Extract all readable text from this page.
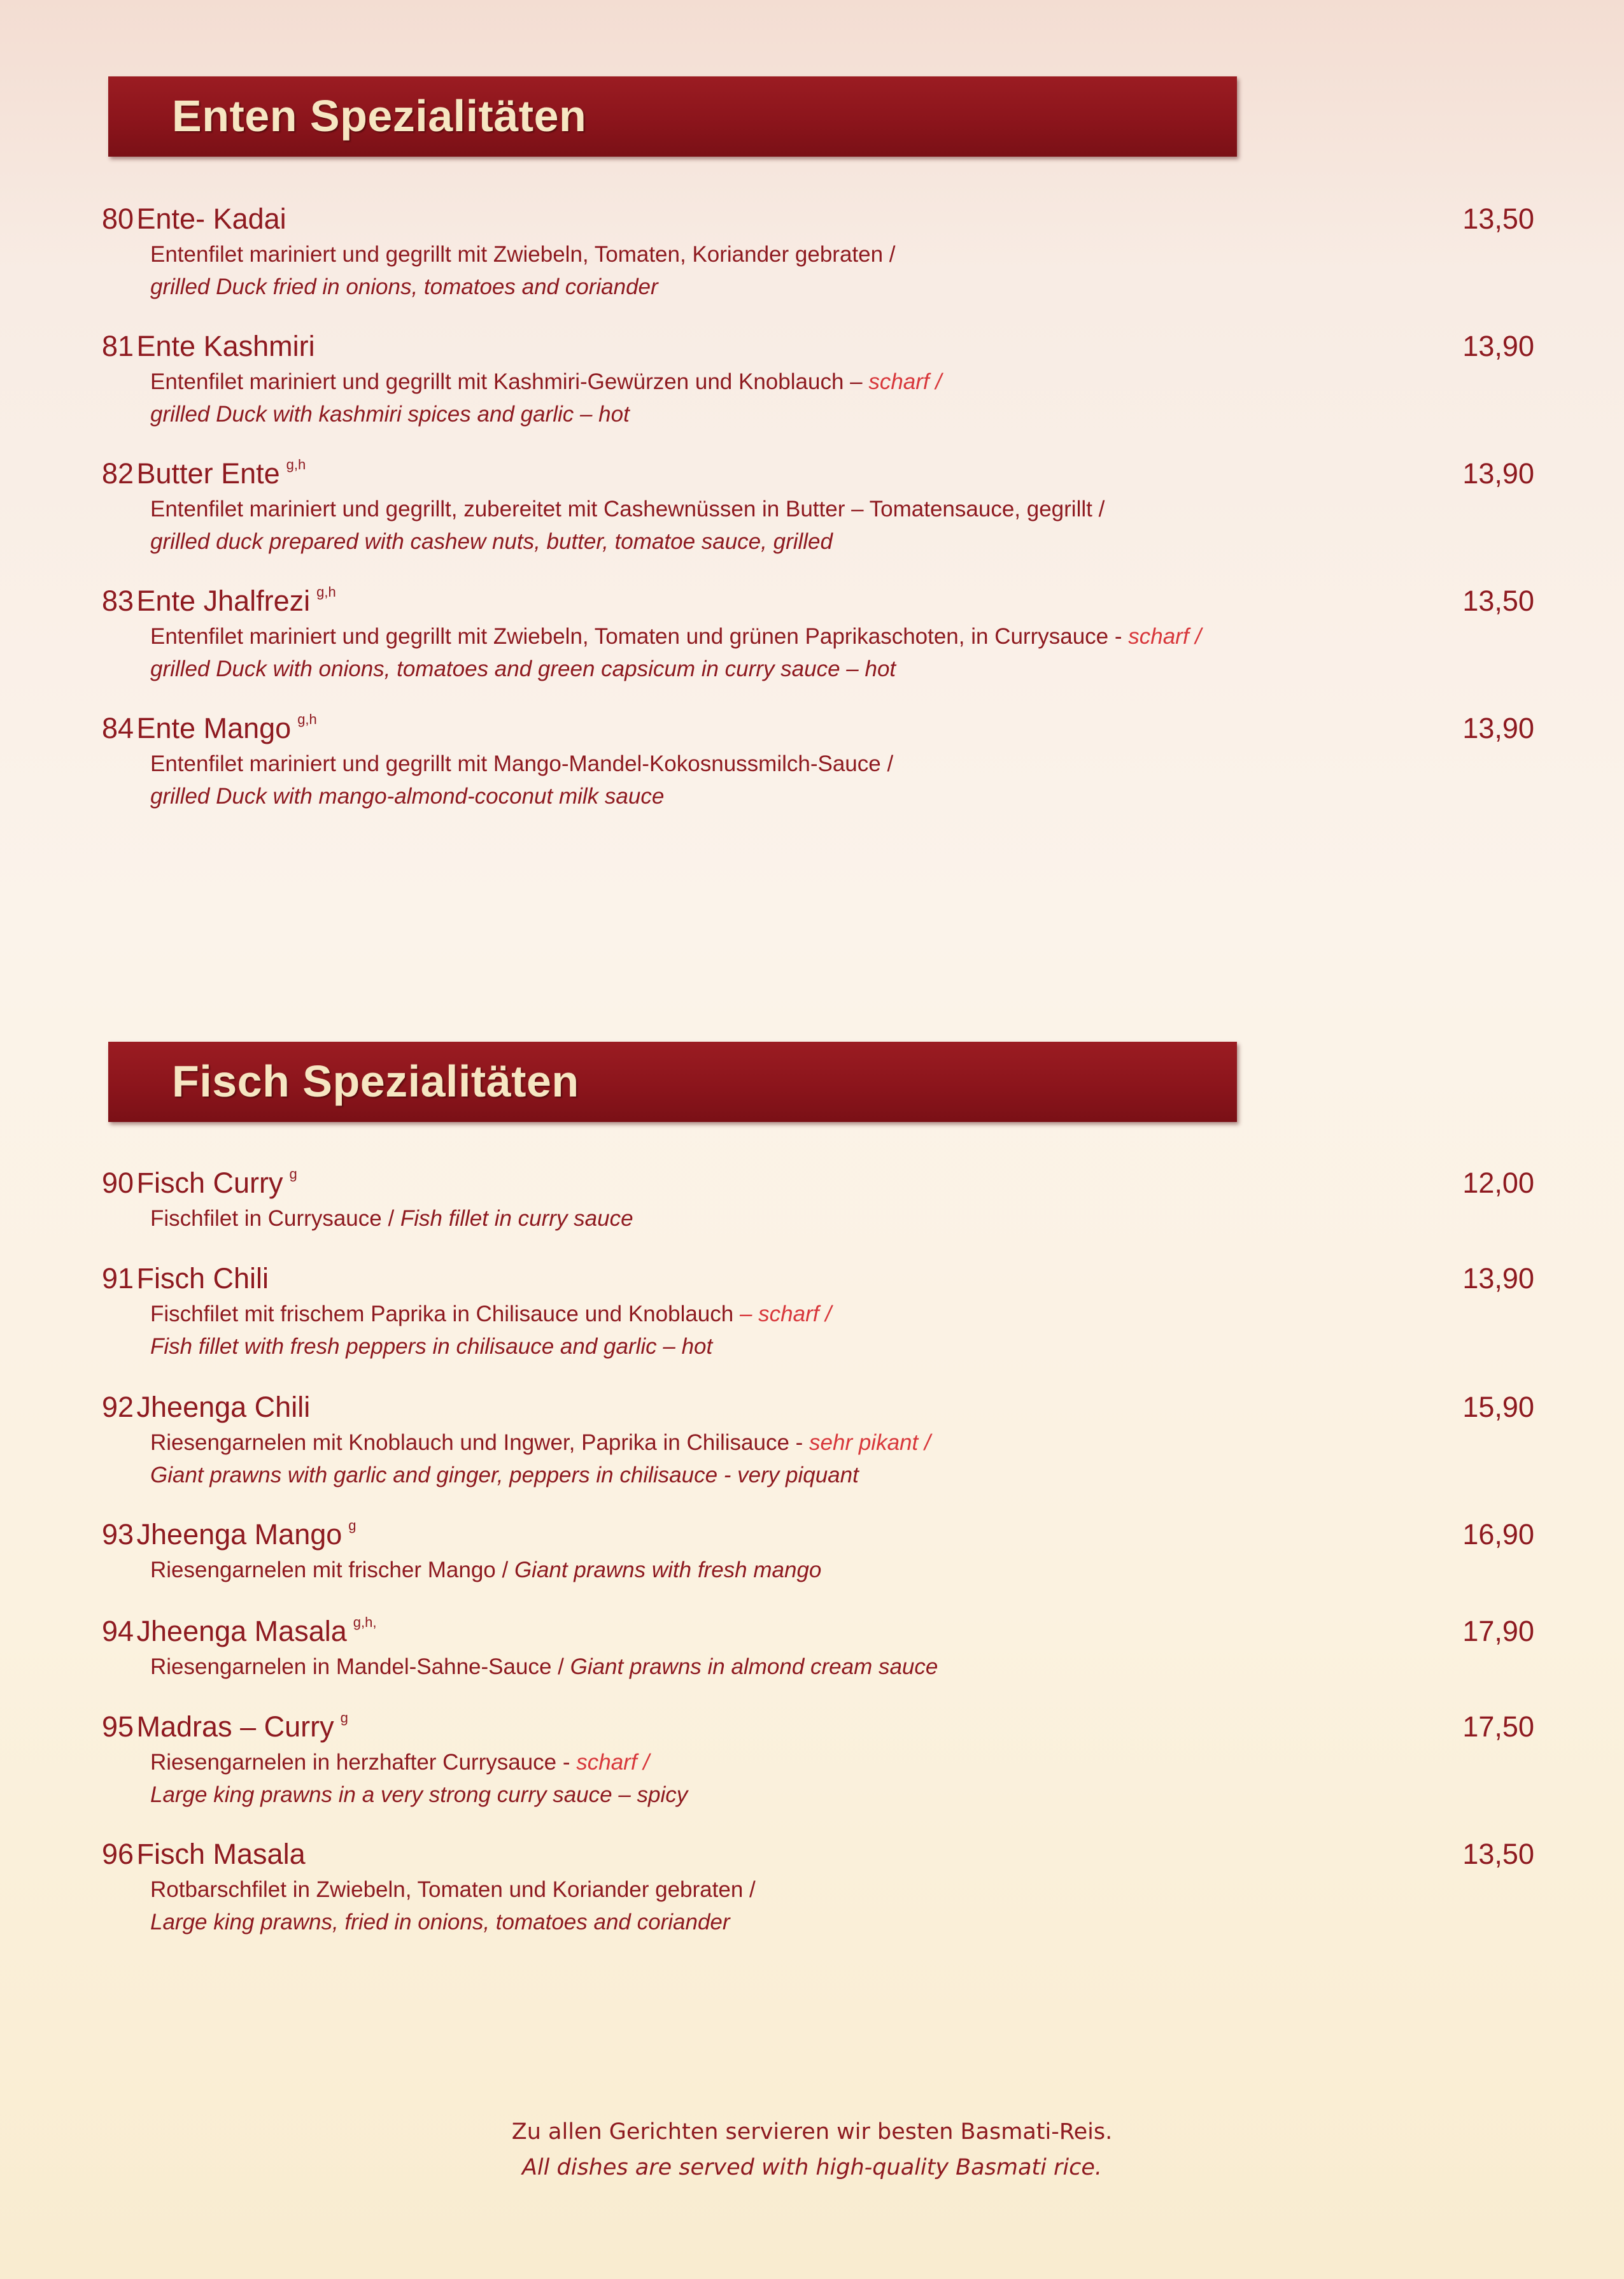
Enten Spezialitäten
80
Ente- Kadai	13,50
Entenfilet mariniert und gegrillt mit Zwiebeln, Tomaten, Koriander gebraten /
grilled Duck fried in onions, tomatoes and coriander
81
Ente Kashmiri	13,90
Entenfilet mariniert und gegrillt mit Kashmiri-Gewürzen und Knoblauch – scharf /
grilled Duck with kashmiri spices and garlic – hot
82
Butter Ente g,h	13,90
Entenfilet mariniert und gegrillt, zubereitet mit Cashewnüssen in Butter – Tomatensauce, gegrillt /
grilled duck prepared with cashew nuts, butter, tomatoe sauce, grilled
83
Ente Jhalfrezi g,h	13,50
Entenfilet mariniert und gegrillt mit Zwiebeln, Tomaten und grünen Paprikaschoten, in Currysauce - scharf /
grilled Duck with onions, tomatoes and green capsicum in curry sauce – hot
84
Ente Mango g,h	13,90
Entenfilet mariniert und gegrillt mit Mango-Mandel-Kokosnussmilch-Sauce /
grilled Duck with mango-almond-coconut milk sauce
Fisch Spezialitäten
90
Fisch Curry g	12,00
Fischfilet in Currysauce / Fish fillet in curry sauce
91
Fisch Chili	13,90
Fischfilet mit frischem Paprika in Chilisauce und Knoblauch – scharf /
Fish fillet with fresh peppers in chilisauce and garlic – hot
92
Jheenga Chili	15,90
Riesengarnelen mit Knoblauch und Ingwer, Paprika in Chilisauce - sehr pikant /
Giant prawns with garlic and ginger, peppers in chilisauce - very piquant
93
Jheenga Mango g	16,90
Riesengarnelen mit frischer Mango / Giant prawns with fresh mango
94
Jheenga Masala g,h,	17,90
Riesengarnelen in Mandel-Sahne-Sauce / Giant prawns in almond cream sauce
95
Madras – Curry g	17,50
Riesengarnelen in herzhafter Currysauce - scharf /
Large king prawns in a very strong curry sauce – spicy
96
Fisch Masala	13,50
Rotbarschfilet in Zwiebeln, Tomaten und Koriander gebraten /
Large king prawns, fried in onions, tomatoes and coriander
Zu allen Gerichten servieren wir besten Basmati-Reis.
All dishes are served with high-quality Basmati rice.
